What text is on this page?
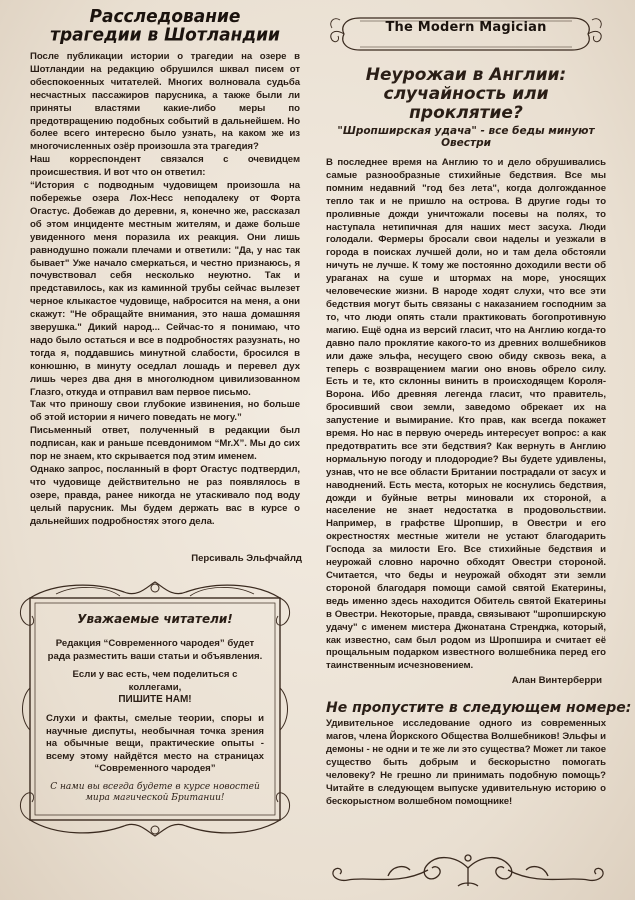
Расследование
трагедии в Шотландии

После публикации истории о трагедии на озере в Шотландии на редакцию обрушился шквал писем от обеспокоенных читателей. Многих волновала судьба несчастных пассажиров парусника, а также были ли приняты властями какие-либо меры по предотвращению подобных событий в дальнейшем. Но более всего интересно было узнать, на каком же из многочисленных озёр произошла эта трагедия?

Наш корреспондент связался с очевидцем происшествия. И вот что он ответил:

“История с подводным чудовищем произошла на побережье озера Лох-Несс неподалеку от Форта Огастус. Добежав до деревни, я, конечно же, рассказал об этом инциденте местным жителям, и даже больше увиденного меня поразила их реакция. Они лишь равнодушно пожали плечами и ответили: "Да, у нас так бывает" Уже начало смеркаться, и честно признаюсь, я почувствовал себя несколько неуютно. Так и представилось, как из каминной трубы сейчас вылезет черное клыкастое чудовище, набросится на меня, а они скажут: "Не обращайте внимания, это наша домашняя зверушка." Дикий народ... Сейчас-то я понимаю, что надо было остаться и все в подробностях разузнать, но тогда я, поддавшись минутной слабости, бросился в конюшню, в минуту оседлал лошадь и перевел дух лишь через два дня в многолюдном цивилизованном Глазго, откуда и отправил вам первое письмо.

Так что приношу свои глубокие извинения, но больше об этой истории я ничего поведать не могу.”

Письменный ответ, полученный в редакции был подписан, как и раньше псевдонимом “Mr.X”. Мы до сих пор не знаем, кто скрывается под этим именем.

Однако запрос, посланный в форт Огастус подтвердил, что чудовище действительно не раз появлялось в озере, правда, ранее никогда не утаскивало под воду целый парусник. Мы будем держать вас в курсе о дальнейших подробностях этого дела.

Персиваль Эльфчайлд
Уважаемые читатели!

Редакция “Современного чародея” будет рада разместить ваши статьи и объявления.

Если у вас есть, чем поделиться с коллегами,

ПИШИТЕ НАМ!

Слухи и факты, смелые теории, споры и научные диспуты, необычная точка зрения на обычные вещи, практические опыты - всему этому найдётся место на страницах “Современного чародея”

С нами вы всегда будете в курсе новостей мира магической Британии!

The Modern Magician
Неурожаи в Англии:
случайность или проклятие?
"Шропширская удача" - все беды минуют Овестри

В последнее время на Англию то и дело обрушивались самые разнообразные стихийные бедствия. Все мы помним недавний "год без лета", когда долгожданное тепло так и не пришло на острова. В другие годы то проливные дожди уничтожали посевы на полях, то наступала нетипичная для наших мест засуха. Люди голодали. Фермеры бросали свои наделы и уезжали в города в поисках лучшей доли, но и там дела обстояли ничуть не лучше. К тому же постоянно доходили вести об ураганах на суше и штормах на море, уносящих человеческие жизни. В народе ходят слухи, что все эти бедствия могут быть связаны с наказанием господним за то, что люди опять стали практиковать богопротивную магию. Ещё одна из версий гласит, что на Англию когда-то давно пало проклятие какого-то из древних волшебников или даже эльфа, несущего свою обиду сквозь века, а теперь с возвращением магии оно вновь обрело силу. Есть и те, кто склонны винить в происходящем Короля-Ворона. Ибо древняя легенда гласит, что правитель, бросивший свои земли, заведомо обрекает их на запустение и вымирание. Кто прав, как всегда покажет время. Но нас в первую очередь интересует вопрос: а как предотвратить все эти бедствия? Как вернуть в Англию нормальную погоду и плодородие? Вы будете удивлены, узнав, что не все области Британии пострадали от засух и наводнений. Есть места, которых не коснулись бедствия, дожди и буйные ветры миновали их стороной, а население не знает недостатка в продовольствии. Например, в графстве Шропшир, в Овестри и его окрестностях местные жители не устают благодарить Господа за милости Его. Все стихийные бедствия и неурожай словно нарочно обходят Овестри стороной. Считается, что беды и неурожай обходят эти земли стороной благодаря помощи самой святой Екатерины, ведь именно здесь находится Обитель святой Екатерины в Овестри. Некоторые, правда, связывают "шропширскую удачу" с именем мистера Джонатана Стренджа, который, как известно, сам был родом из Шропшира и считает её прощальным подарком известного волшебника перед его таинственным исчезновением.

Алан Винтерберри
Не пропустите в следующем номере:

Удивительное исследование одного из современных магов, члена Йоркского Общества Волшебников! Эльфы и демоны - не одни и те же ли это существа? Может ли такое существо быть добрым и бескорыстно помогать человеку? Не грешно ли принимать подобную помощь? Читайте в следующем выпуске удивительную историю о бескорыстном волшебном помощнике!
